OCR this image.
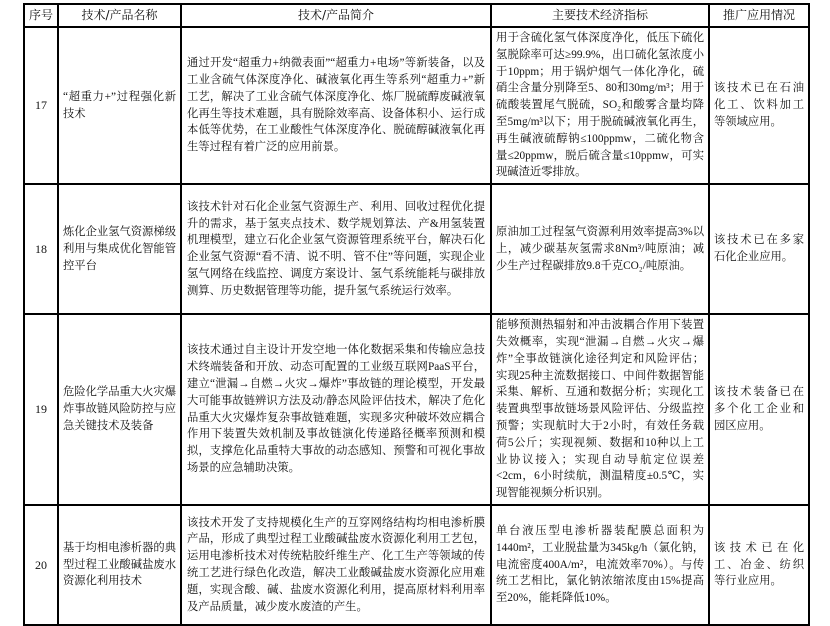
序号	技术/产品名称	技术/产品简介	主要技术经济指标	推广应用情况
17	“超重力+”过程强化新技术	通过开发“超重力+纳微表面”“超重力+电场”等新装备，以及工业含硫气体深度净化、碱液氧化再生等系列“超重力+”新工艺，解决了工业含硫气体深度净化、炼厂脱硫醇废碱液氧化再生等技术难题，具有脱除效率高、设备体积小、运行成本低等优势，在工业酸性气体深度净化、脱硫醇碱液氧化再生等过程有着广泛的应用前景。	用于含硫化氢气体深度净化，低压下硫化氢脱除率可达≥99.9%，出口硫化氢浓度小于10ppm；用于锅炉烟气一体化净化，硫硝尘含量分别降至5、80和30mg/m³；用于硫酸装置尾气脱硫，SO₂和酸雾含量均降至5mg/m³以下；用于脱硫碱液氧化再生，再生碱液硫醇钠≤100ppmw，二硫化物含量≤20ppmw，脱后硫含量≤10ppmw，可实现碱渣近零排放。	该技术已在石油化工、饮料加工等领域应用。
18	炼化企业氢气资源梯级利用与集成优化智能管控平台	该技术针对石化企业氢气资源生产、利用、回收过程优化提升的需求，基于氢夹点技术、数学规划算法、产&用氢装置机理模型，建立石化企业氢气资源管理系统平台，解决石化企业氢气资源“看不清、说不明、管不住”等问题，实现企业氢气网络在线监控、调度方案设计、氢气系统能耗与碳排放测算、历史数据管理等功能，提升氢气系统运行效率。	原油加工过程氢气资源利用效率提高3%以上，减少碳基灰氢需求8Nm³/吨原油；减少生产过程碳排放9.8千克CO₂/吨原油。	该技术已在多家石化企业应用。
19	危险化学品重大火灾爆炸事故链风险防控与应急关键技术及装备	该技术通过自主设计开发空地一体化数据采集和传输应急技术终端装备和开放、动态可配置的工业级互联网PaaS平台，建立“泄漏→自燃→火灾→爆炸”事故链的理论模型，开发最大可能事故链辨识方法及动/静态风险评估技术，解决了危化品重大火灾爆炸复杂事故链难题，实现多灾种破坏效应耦合作用下装置失效机制及事故链演化传递路径概率预测和模拟，支撑危化品重特大事故的动态感知、预警和可视化事故场景的应急辅助决策。	能够预测热辐射和冲击波耦合作用下装置失效概率，实现“泄漏→自燃→火灾→爆炸”全事故链演化途径判定和风险评估；实现25种主流数据接口、中间件数据智能采集、解析、互通和数据分析；实现化工装置典型事故链场景风险评估、分级监控预警；实现航时大于2小时，有效任务载荷5公斤；实现视频、数据和10种以上工业协议接入；实现自动导航定位误差<2cm，6小时续航，测温精度±0.5℃，实现智能视频分析识别。	该技术装备已在多个化工企业和园区应用。
20	基于均相电渗析器的典型过程工业酸碱盐废水资源化利用技术	该技术开发了支持规模化生产的互穿网络结构均相电渗析膜产品，形成了典型过程工业酸碱盐废水资源化利用工艺包，运用电渗析技术对传统粘胶纤维生产、化工生产等领域的传统工艺进行绿色化改造，解决工业酸碱盐废水资源化应用难题，实现含酸、碱、盐废水资源化利用，提高原材料利用率及产品质量，减少废水废渣的产生。	单台液压型电渗析器装配膜总面积为1440m²，工业脱盐量为345kg/h（氯化钠，电流密度400A/m²，电流效率70%）。与传统工艺相比，氯化钠浓缩浓度由15%提高至20%，能耗降低10%。	该技术已在化工、冶金、纺织等行业应用。
